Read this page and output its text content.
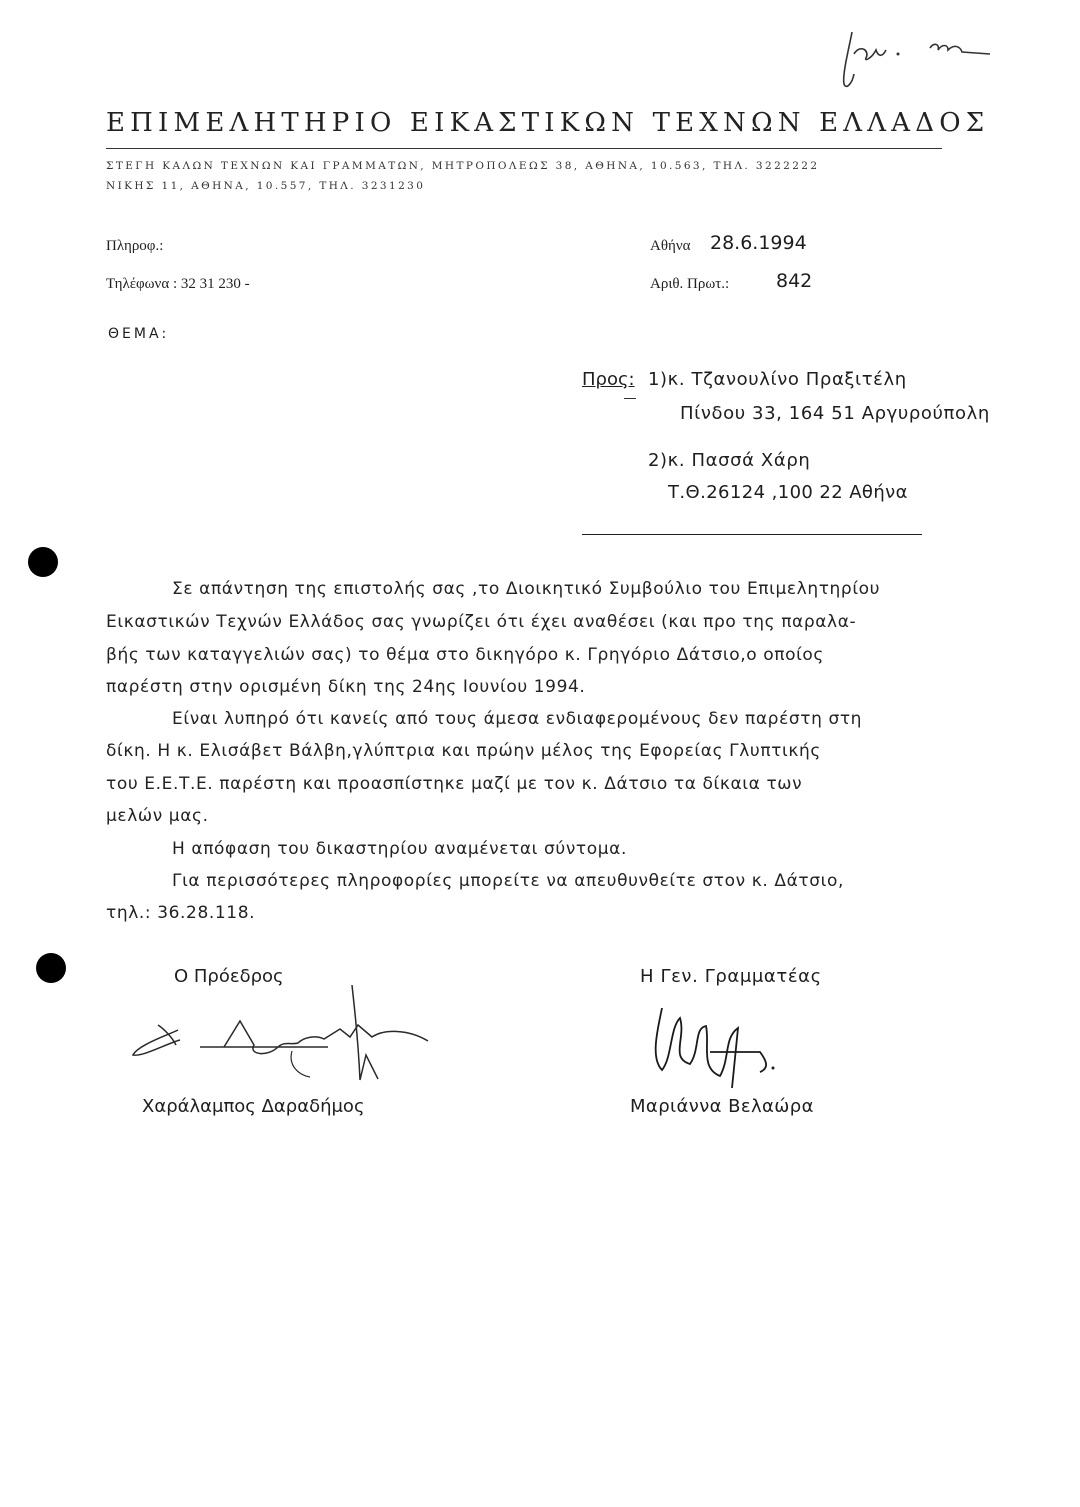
ΕΠΙΜΕΛΗΤΗΡΙΟ ΕΙΚΑΣΤΙΚΩΝ ΤΕΧΝΩΝ ΕΛΛΑΔΟΣ
ΣΤΕΓΗ ΚΑΛΩΝ ΤΕΧΝΩΝ ΚΑΙ ΓΡΑΜΜΑΤΩΝ, ΜΗΤΡΟΠΟΛΕΩΣ 38, ΑΘΗΝΑ, 10.563, ΤΗΛ. 3222222
ΝΙΚΗΣ 11, ΑΘΗΝΑ, 10.557, ΤΗΛ. 3231230
Πληροφ.:
Τηλέφωνα : 32 31 230 -
ΘΕΜΑ:
Αθήνα 28.6.1994
Αριθ. Πρωτ.: 842
Προς: 1)κ. Τζανουλίνο Πραξιτέλη
Πίνδου 33, 164 51 Αργυρούπολη
2)κ. Πασσά Χάρη
Τ.Θ.26124 ,100 22 Αθήνα
Σε απάντηση της επιστολής σας ,το Διοικητικό Συμβούλιο του Επιμελητηρίου
Εικαστικών Τεχνών Ελλάδος σας γνωρίζει ότι έχει αναθέσει (και προ της παραλα-
βής των καταγγελιών σας) το θέμα στο δικηγόρο κ. Γρηγόριο Δάτσιο,ο οποίος
παρέστη στην ορισμένη δίκη της 24ης Ιουνίου 1994.
Είναι λυπηρό ότι κανείς από τους άμεσα ενδιαφερομένους δεν παρέστη στη
δίκη. Η κ. Ελισάβετ Βάλβη,γλύπτρια και πρώην μέλος της Εφορείας Γλυπτικής
του Ε.Ε.Τ.Ε. παρέστη και προασπίστηκε μαζί με τον κ. Δάτσιο τα δίκαια των
μελών μας.
Η απόφαση του δικαστηρίου αναμένεται σύντομα.
Για περισσότερες πληροφορίες μπορείτε να απευθυνθείτε στον κ. Δάτσιο,
τηλ.: 36.28.118.
Ο Πρόεδρος	Η Γεν. Γραμματέας
Χαράλαμπος Δαραδήμος	Μαριάννα Βελαώρα
